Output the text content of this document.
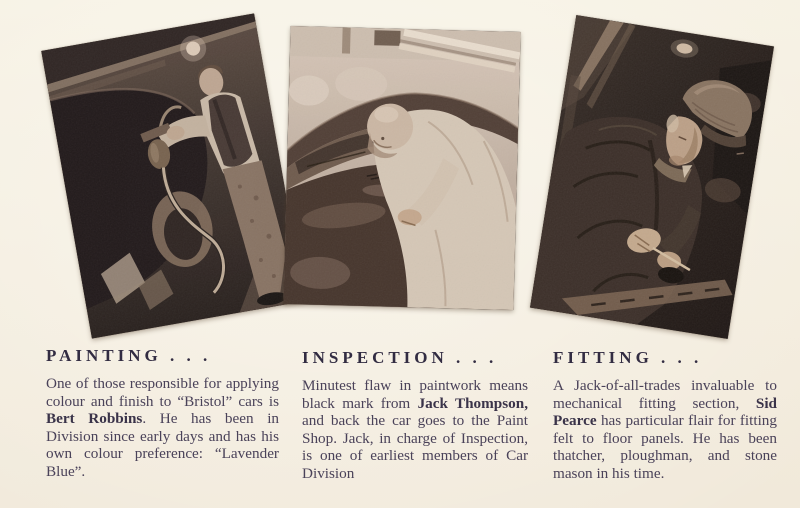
PAINTING . . .

One of those responsible for applying colour and finish to “Bristol” cars is Bert Robbins. He has been in Division since early days and has his own colour preference: “Lavender Blue”.

INSPECTION . . .

Minutest flaw in paintwork means black mark from Jack Thompson, and back the car goes to the Paint Shop. Jack, in charge of Inspection, is one of earliest members of Car Division

FITTING . . .

A Jack-of-all-trades invaluable to mechanical fitting section, Sid Pearce has particular flair for fitting felt to floor panels. He has been thatcher, ploughman, and stone mason in his time.
